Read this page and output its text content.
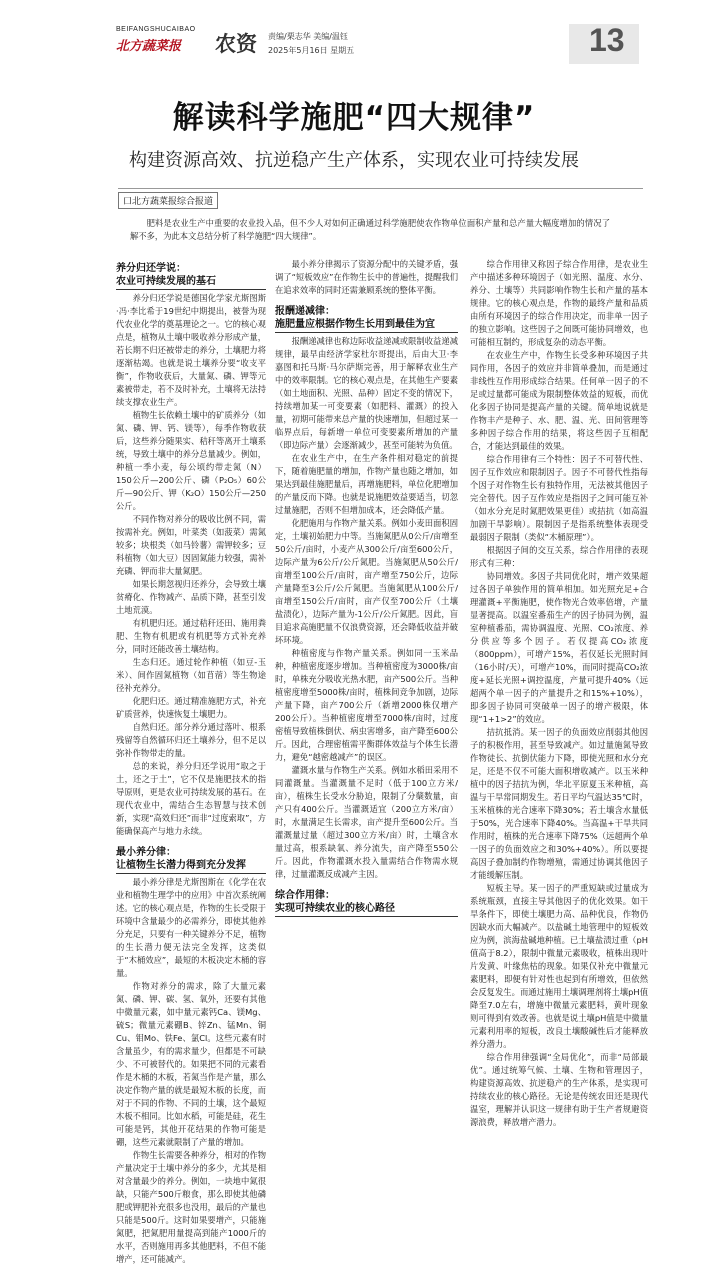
BEIFANGSHUCAIBAO
北方蔬菜报 农资 责编/栗志华 美编/温钰
2025年5月16日 星期五	13
解读科学施肥“四大规律”
构建资源高效、抗逆稳产生产体系，实现农业可持续发展
口北方蔬菜报综合报道
肥料是农业生产中重要的农业投入品，但不少人对如何正确通过科学施肥使农作物单位面积产量和总产量大幅度增加的情况了解不多，为此本文总结分析了科学施肥“四大规律”。
养分归还学说：

农业可持续发展的基石

养分归还学说是德国化学家尤斯图斯·冯·李比希于19世纪中期提出，被誉为现代农业化学的奠基理论之一。它的核心观点是，植物从土壤中吸收养分形成产量，若长期不归还被带走的养分，土壤肥力将逐渐枯竭。也就是说土壤养分要“收支平衡”，作物收获后，大量氮、磷、钾等元素被带走，若不及时补充，土壤将无法持续支撑农业生产。

植物生长依赖土壤中的矿质养分（如氮、磷、钾、钙、镁等），每季作物收获后，这些养分随果实、秸秆等离开土壤系统，导致土壤中的养分总量减少。例如，种植一季小麦，每公顷约带走氮（N）150公斤—200公斤、磷（P₂O₅）60公斤—90公斤、钾（K₂O）150公斤—250公斤。

不同作物对养分的吸收比例不同，需按需补充。例如，叶菜类（如菠菜）需氮较多；块根类（如马铃薯）需钾较多；豆科植物（如大豆）因固氮能力较强，需补充磷、钾而非大量氮肥。

如果长期忽视归还养分，会导致土壤贫瘠化、作物减产、品质下降，甚至引发土地荒漠。

有机肥归还。通过秸秆还田、施用粪肥、生物有机肥或有机肥等方式补充养分，同时还能改善土壤结构。

生态归还。通过轮作种植（如豆-玉米）、间作固氮植物（如苜蓿）等生物途径补充养分。

化肥归还。通过精准施肥方式，补充矿质营养，快速恢复土壤肥力。

自然归还。部分养分通过落叶、根系残留等自然循环归还土壤养分，但不足以弥补作物带走的量。

总的来说，养分归还学说用“取之于土，还之于土”，它不仅是施肥技术的指导原则，更是农业可持续发展的基石。在现代农业中，需结合生态智慧与技术创新，实现“高效归还”而非“过度索取”，方能确保高产与地力永续。

最小养分律：

让植物生长潜力得到充分发挥

最小养分律是尤斯图斯在《化学在农业和植物生理学中的应用》中首次系统阐述。它的核心观点是，作物的生长受限于环境中含量最少的必需养分，即使其他养分充足，只要有一种关键养分不足，植物的生长潜力便无法完全发挥，这类似于“木桶效应”，最短的木板决定木桶的容量。

作物对养分的需求，除了大量元素氮、磷、钾、碳、氢、氧外，还要有其他中微量元素，如中量元素钙Ca、镁Mg、硫S；微量元素硼B、锌Zn、锰Mn、铜Cu、钼Mo、铁Fe、氯Cl。这些元素有时含量虽少，有的需求量少，但都是不可缺少、不可被替代的。如果把不同的元素看作是木桶的木板，若氮当作是产量，那么决定作物产量的就是最短木板的长度，而对于不同的作物、不同的土壤，这个最短木板不相同。比如水稻，可能是硅，花生可能是钙，其他开花结果的作物可能是硼，这些元素就限制了产量的增加。

作物生长需要各种养分，相对的作物产量决定于土壤中养分的多少，尤其是相对含量最少的养分。例如，一块地中氮很缺，只能产500斤粮食，那么即使其他磷肥或钾肥补充很多也没用，最后的产量也只能是500斤。这时如果要增产，只能施氮肥，把氮肥用量提高到能产1000斤的水平，否则施用再多其他肥料，不但不能增产，还可能减产。

最小养分律揭示了资源分配中的关键矛盾，强调了“短板效应”在作物生长中的普遍性，提醒我们在追求效率的同时还需兼顾系统的整体平衡。

报酬递减律：

施肥量应根据作物生长用到最佳为宜

报酬递减律也称边际收益递减或限制收益递减规律，最早由经济学家杜尔哥提出，后由大卫·李嘉图和托马斯·马尔萨斯完善，用于解释农业生产中的效率限制。它的核心观点是，在其他生产要素（如土地面积、光照、品种）固定不变的情况下，持续增加某一可变要素（如肥料、灌溉）的投入量，初期可能带来总产量的快速增加，但超过某一临界点后，每新增一单位可变要素所增加的产量（即边际产量）会逐渐减少，甚至可能转为负值。

在农业生产中，在生产条件相对稳定的前提下，随着施肥量的增加，作物产量也随之增加，如果达到最佳施肥量后，再增施肥料，单位化肥增加的产量反而下降。也就是说施肥效益要适当，切忽过量施肥，否则不但增加成本，还会降低产量。

化肥施用与作物产量关系。例如小麦田面积固定，土壤初始肥力中等。当施氮肥从0公斤/亩增至50公斤/亩时，小麦产从300公斤/亩至600公斤，边际产量为6公斤/公斤氮肥。当施氮肥从50公斤/亩增至100公斤/亩时，亩产增至750公斤，边际产量降至3公斤/公斤氮肥。当施氮肥从100公斤/亩增至150公斤/亩时，亩产仅至700公斤（土壤盐渍化），边际产量为-1公斤/公斤氮肥。因此，盲目追求高施肥量不仅浪费资源，还会降低收益并破坏环境。

种植密度与作物产量关系。例如同一玉米品种，种植密度逐步增加。当种植密度为3000株/亩时，单株充分吸收光热水肥，亩产500公斤。当种植密度增至5000株/亩时，植株间竞争加剧，边际产量下降，亩产700公斤（新增2000株仅增产200公斤）。当种植密度增至7000株/亩时，过度密植导致植株倒伏、病虫害增多，亩产降至600公斤。因此，合理密植需平衡群体效益与个体生长潜力，避免“越密越减产”的误区。

灌溉水量与作物生产关系。例如水稻田采用不同灌溉量。当灌溉量不足时（低于100立方米/亩），植株生长受水分胁迫，限制了分蘖数量，亩产只有400公斤。当灌溉适宜（200立方米/亩）时，水量满足生长需求，亩产提升至600公斤。当灌溉量过量（超过300立方米/亩）时，土壤含水量过高，根系缺氧、养分流失，亩产降至550公斤。因此，作物灌溉水投入量需结合作物需水规律，过量灌溉反成减产主因。

综合作用律：

实现可持续农业的核心路径

综合作用律又称因子综合作用律，是农业生产中描述多种环境因子（如光照、温度、水分、养分、土壤等）共同影响作物生长和产量的基本规律。它的核心观点是，作物的最终产量和品质由所有环境因子的综合作用决定，而非单一因子的独立影响。这些因子之间既可能协同增效，也可能相互制约，形成复杂的动态平衡。

在农业生产中，作物生长受多种环境因子共同作用，各因子的效应并非简单叠加，而是通过非线性互作用形成综合结果。任何单一因子的不足或过量都可能成为限制整体效益的短板，而优化多因子协同是提高产量的关键。简单地说就是作物丰产是种子、水、肥、温、光、田间管理等多种因子综合作用的结果，将这些因子互相配合，才能达到最佳的效果。

综合作用律有三个特性：因子不可替代性、因子互作效应和限制因子。因子不可替代性指每个因子对作物生长有独特作用，无法被其他因子完全替代。因子互作效应是指因子之间可能互补（如水分充足时氮肥效果更佳）或拮抗（如高温加剧干旱影响）。限制因子是指系统整体表现受最弱因子限制（类似“木桶原理”）。

根据因子间的交互关系，综合作用律的表现形式有三种：

协同增效。多因子共同优化时，增产效果超过各因子单独作用的简单相加。如光照充足+合理灌溉+平衡施肥，使作物光合效率倍增，产量显著提高。以温室番茄生产的因子协同为例，温室种植番茄，需协调温度、光照、CO₂浓度、养分供应等多个因子。若仅提高CO₂浓度（800ppm），可增产15%，若仅延长光照时间（16小时/天），可增产10%，而同时提高CO₂浓度+延长光照+调控温度，产量可提升40%（远超两个单一因子的产量提升之和15%+10%），即多因子协同可突破单一因子的增产极限，体现“1+1>2”的效应。

拮抗抵消。某一因子的负面效应削弱其他因子的积极作用，甚至导致减产。如过量施氮导致作物徒长、抗倒伏能力下降，即使光照和水分充足，还是不仅不可能大面积增收减产。以玉米种植中的因子拮抗为例，华北平原夏玉米种植，高温与干旱常同期发生。若日平均气温达35℃时，玉米植株的光合速率下降30%；若土壤含水量低于50%，光合速率下降40%。当高温+干旱共同作用时，植株的光合速率下降75%（远超两个单一因子的负面效应之和30%+40%）。所以要提高因子叠加制约作物增殖，需通过协调其他因子才能缓解压制。

短板主导。某一因子的严重短缺或过量成为系统瓶颈，直接主导其他因子的优化效果。如干旱条件下，即使土壤肥力高、品种优良，作物仍因缺水而大幅减产。以盐碱土地管理中的短板效应为例，滨海盐碱地种植。已土壤盐渍过重（pH值高于8.2），限制中微量元素吸收，植株出现叶片发黄、叶缘焦枯的现象。如果仅补充中微量元素肥料，即便有针对性也起到有所增效，但依然会反复发生。而通过施用土壤调理剂将土壤pH值降至7.0左右，增施中微量元素肥料，黄叶现象则可得到有效改善。也就是说土壤pH值是中微量元素利用率的短板，改良土壤酸碱性后才能释放养分潜力。

综合作用律强调“全局优化”，而非“局部最优”。通过统筹气候、土壤、生物和管理因子，构建资源高效、抗逆稳产的生产体系，是实现可持续农业的核心路径。无论是传统农田还是现代温室，理解并认识这一规律有助于生产者规避资源浪费，释放增产潜力。
